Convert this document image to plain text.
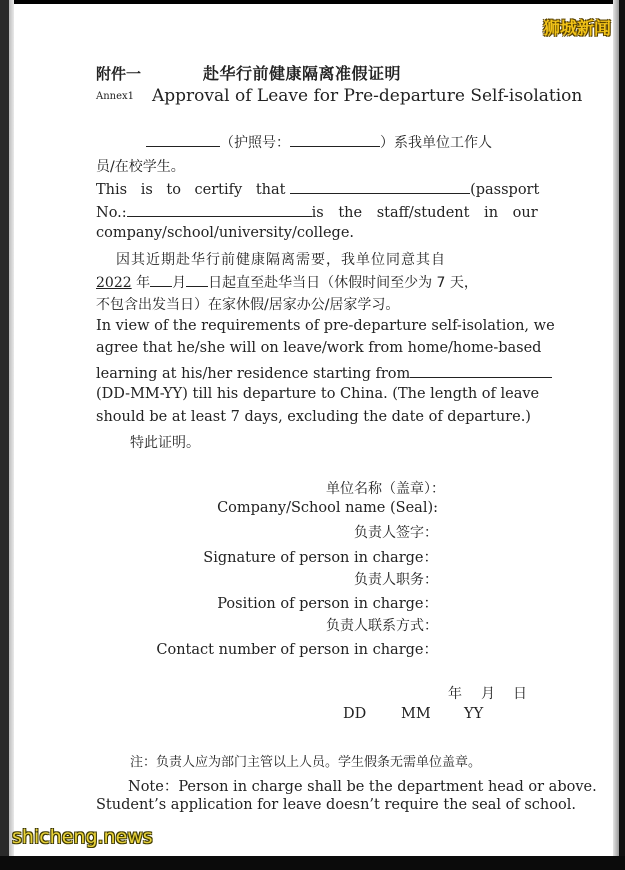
狮城新闻
附件一	赴华行前健康隔离准假证明
Annex1 Approval of Leave for Pre-departure Self-isolation
（护照号：	）系我单位工作人
员/在校学生。
This is to certify that	(passport
No.:	is the staff/student in our
company/school/university/college.
因其近期赴华行前健康隔离需要，我单位同意其自
2022 年 月 日起直至赴华当日（休假时间至少为 7 天，
不包含出发当日）在家休假/居家办公/居家学习。
In view of the requirements of pre-departure self-isolation, we
agree that he/she will on leave/work from home/home-based
learning at his/her residence starting from
(DD-MM-YY) till his departure to China. (The length of leave
should be at least 7 days, excluding the date of departure.)
特此证明。
单位名称（盖章）：
Company/School name (Seal):
负责人签字：
Signature of person in charge：
负责人职务：
Position of person in charge：
负责人联系方式：
Contact number of person in charge：
年 月 日
DD MM YY
注：负责人应为部门主管以上人员。学生假条无需单位盖章。
Note：Person in charge shall be the department head or above.
Student’s application for leave doesn’t require the seal of school.
shicheng.news
